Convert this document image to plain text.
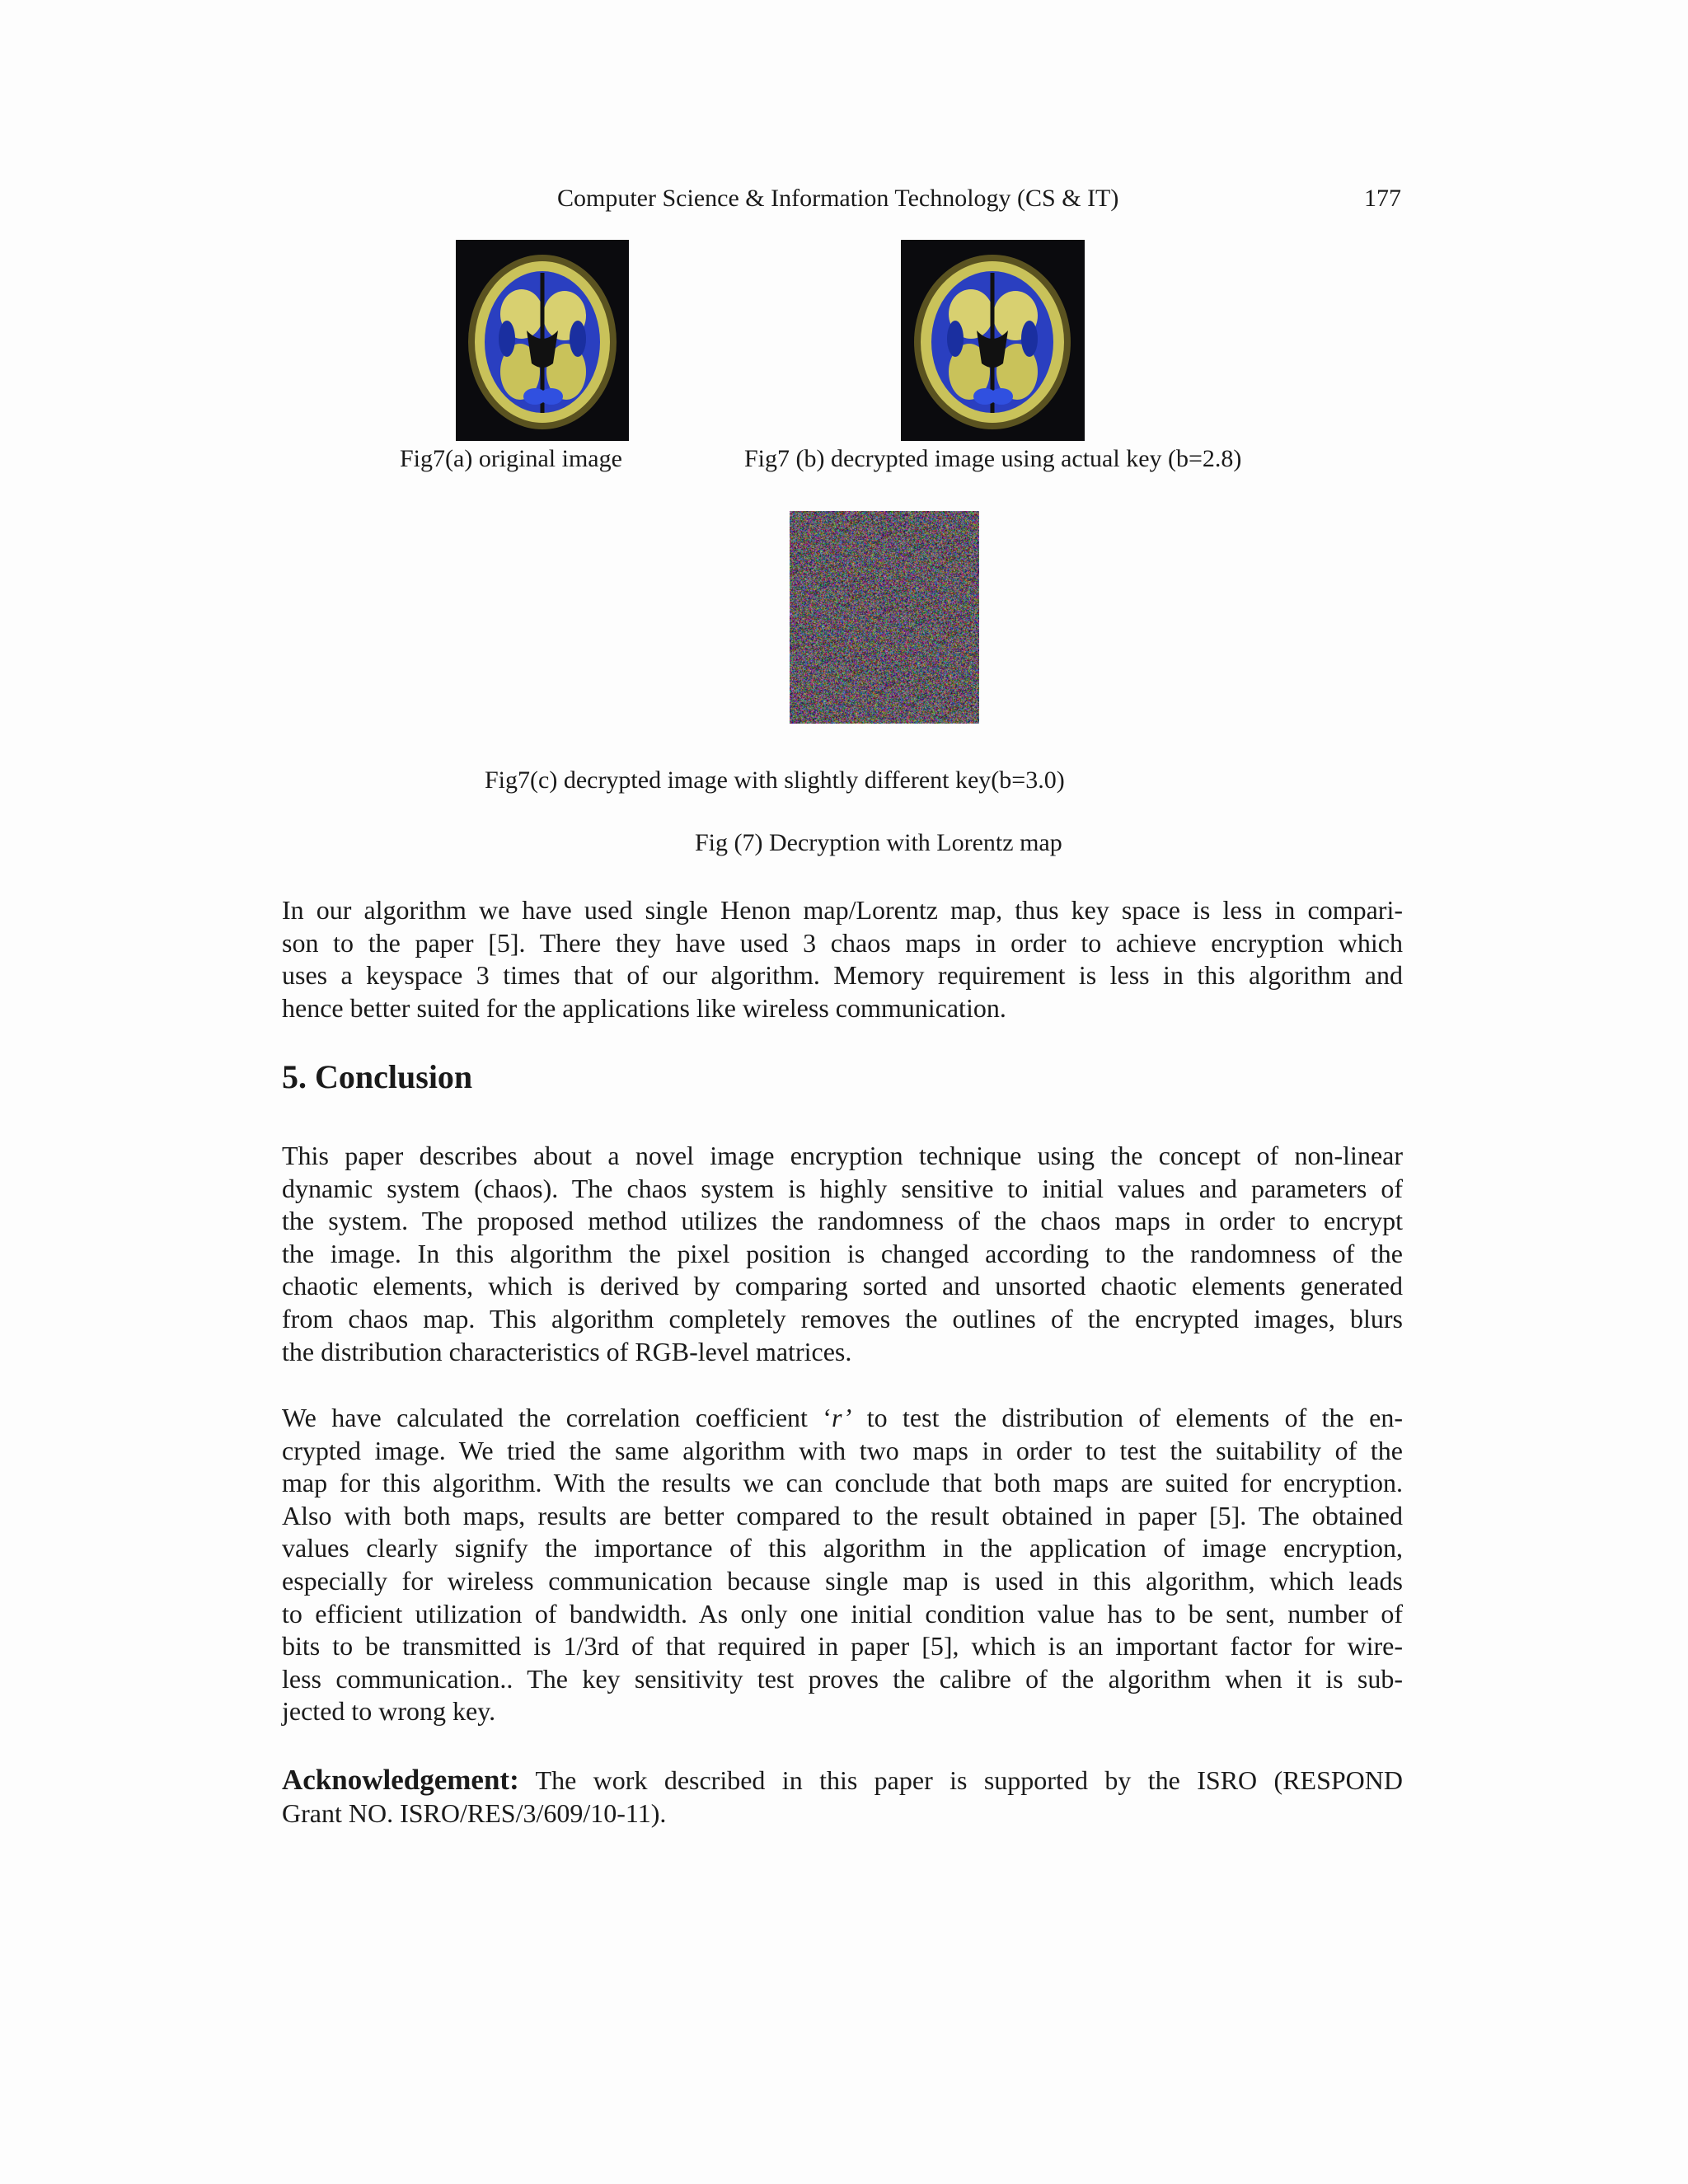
Computer Science & Information Technology (CS & IT)	177
Fig7(a) original image	Fig7 (b) decrypted image using actual key (b=2.8)
Fig7(c) decrypted image with slightly different key(b=3.0)
Fig (7) Decryption with Lorentz map
In our algorithm we have used single Henon map/Lorentz map, thus key space is less in compari-
son to the paper [5]. There they have used 3 chaos maps in order to achieve encryption which
uses a keyspace 3 times that of our algorithm. Memory requirement is less in this algorithm and
hence better suited for the applications like wireless communication.
5. Conclusion
This paper describes about a novel image encryption technique using the concept of non-linear
dynamic system (chaos). The chaos system is highly sensitive to initial values and parameters of
the system. The proposed method utilizes the randomness of the chaos maps in order to encrypt
the image. In this algorithm the pixel position is changed according to the randomness of the
chaotic elements, which is derived by comparing sorted and unsorted chaotic elements generated
from chaos map. This algorithm completely removes the outlines of the encrypted images, blurs
the distribution characteristics of RGB-level matrices.
We have calculated the correlation coefficient ‘r’ to test the distribution of elements of the en-
crypted image. We tried the same algorithm with two maps in order to test the suitability of the
map for this algorithm. With the results we can conclude that both maps are suited for encryption.
Also with both maps, results are better compared to the result obtained in paper [5]. The obtained
values clearly signify the importance of this algorithm in the application of image encryption,
especially for wireless communication because single map is used in this algorithm, which leads
to efficient utilization of bandwidth. As only one initial condition value has to be sent, number of
bits to be transmitted is 1/3rd of that required in paper [5], which is an important factor for wire-
less communication.. The key sensitivity test proves the calibre of the algorithm when it is sub-
jected to wrong key.
Acknowledgement: The work described in this paper is supported by the ISRO (RESPOND
Grant NO. ISRO/RES/3/609/10-11).
